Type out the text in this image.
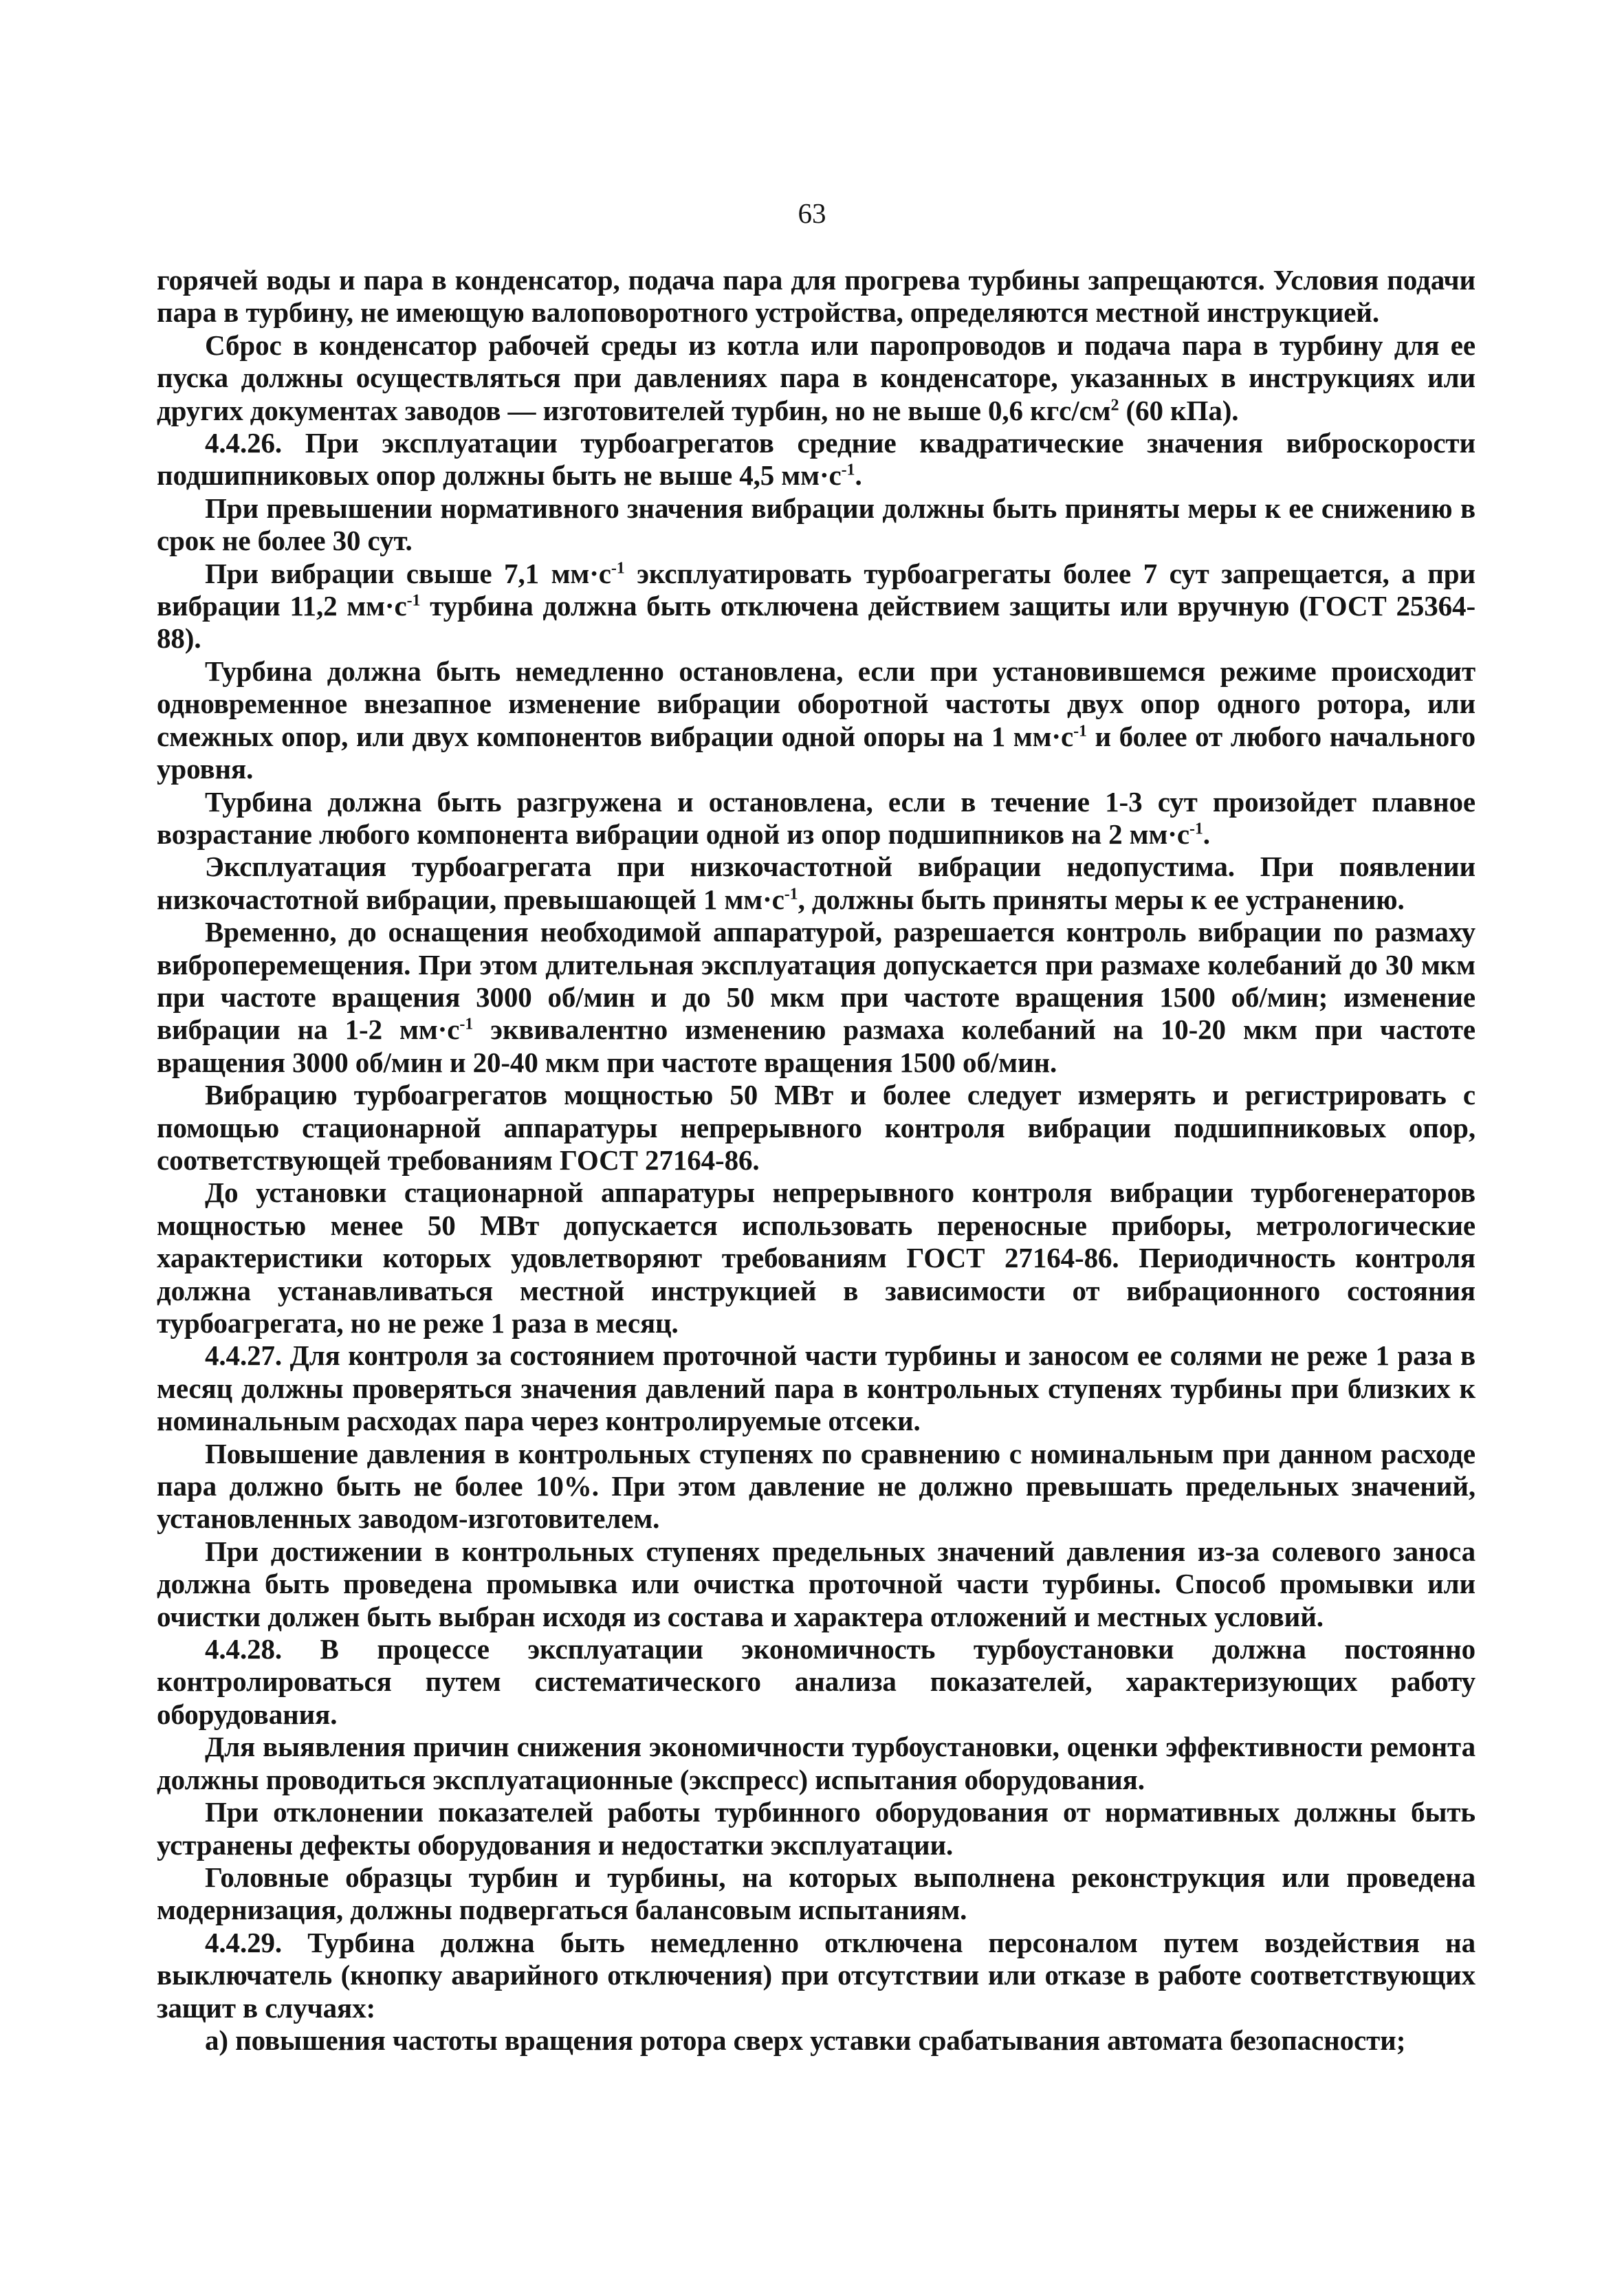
63

горячей воды и пара в конденсатор, подача пара для прогрева турбины запрещаются. Условия подачи пара в турбину, не имеющую валоповоротного устройства, определяются местной инструкцией.

Сброс в конденсатор рабочей среды из котла или паропроводов и подача пара в турбину для ее пуска должны осуществляться при давлениях пара в конденсаторе, указанных в инструкциях или других документах заводов — изготовителей турбин, но не выше 0,6 кгс/$см^2$ (60 кПа).

4.4.26. При эксплуатации турбоагрегатов средние квадратические значения виброскорости подшипниковых опор должны быть не выше 4,5 $мм\cdot с^{-1}$.

При превышении нормативного значения вибрации должны быть приняты меры к ее снижению в срок не более 30 сут.

При вибрации свыше 7,1 $мм\cdot с^{-1}$ эксплуатировать турбоагрегаты более 7 сут запрещается, а при вибрации 11,2 $мм\cdot с^{-1}$ турбина должна быть отключена действием защиты или вручную (ГОСТ 25364-88).

Турбина должна быть немедленно остановлена, если при установившемся режиме происходит одновременное внезапное изменение вибрации оборотной частоты двух опор одного ротора, или смежных опор, или двух компонентов вибрации одной опоры на 1 $мм\cdot с^{-1}$ и более от любого начального уровня.

Турбина должна быть разгружена и остановлена, если в течение 1-3 сут произойдет плавное возрастание любого компонента вибрации одной из опор подшипников на 2 $мм\cdot с^{-1}$.

Эксплуатация турбоагрегата при низкочастотной вибрации недопустима. При появлении низкочастотной вибрации, превышающей 1 $мм\cdot с^{-1}$, должны быть приняты меры к ее устранению.

Временно, до оснащения необходимой аппаратурой, разрешается контроль вибрации по размаху виброперемещения. При этом длительная эксплуатация допускается при размахе колебаний до 30 мкм при частоте вращения 3000 об/мин и до 50 мкм при частоте вращения 1500 об/мин; изменение вибрации на 1-2 $мм\cdot с^{-1}$ эквивалентно изменению размаха колебаний на 10-20 мкм при частоте вращения 3000 об/мин и 20-40 мкм при частоте вращения 1500 об/мин.

Вибрацию турбоагрегатов мощностью 50 МВт и более следует измерять и регистрировать с помощью стационарной аппаратуры непрерывного контроля вибрации подшипниковых опор, соответствующей требованиям ГОСТ 27164-86.

До установки стационарной аппаратуры непрерывного контроля вибрации турбогенераторов мощностью менее 50 МВт допускается использовать переносные приборы, метрологические характеристики которых удовлетворяют требованиям ГОСТ 27164-86. Периодичность контроля должна устанавливаться местной инструкцией в зависимости от вибрационного состояния турбоагрегата, но не реже 1 раза в месяц.

4.4.27. Для контроля за состоянием проточной части турбины и заносом ее солями не реже 1 раза в месяц должны проверяться значения давлений пара в контрольных ступенях турбины при близких к номинальным расходах пара через контролируемые отсеки.

Повышение давления в контрольных ступенях по сравнению с номинальным при данном расходе пара должно быть не более 10%. При этом давление не должно превышать предельных значений, установленных заводом-изготовителем.

При достижении в контрольных ступенях предельных значений давления из-за солевого заноса должна быть проведена промывка или очистка проточной части турбины. Способ промывки или очистки должен быть выбран исходя из состава и характера отложений и местных условий.

4.4.28. В процессе эксплуатации экономичность турбоустановки должна постоянно контролироваться путем систематического анализа показателей, характеризующих работу оборудования.

Для выявления причин снижения экономичности турбоустановки, оценки эффективности ремонта должны проводиться эксплуатационные (экспресс) испытания оборудования.

При отклонении показателей работы турбинного оборудования от нормативных должны быть устранены дефекты оборудования и недостатки эксплуатации.

Головные образцы турбин и турбины, на которых выполнена реконструкция или проведена модернизация, должны подвергаться балансовым испытаниям.

4.4.29. Турбина должна быть немедленно отключена персоналом путем воздействия на выключатель (кнопку аварийного отключения) при отсутствии или отказе в работе соответствующих защит в случаях:

а) повышения частоты вращения ротора сверх уставки срабатывания автомата безопасности;
